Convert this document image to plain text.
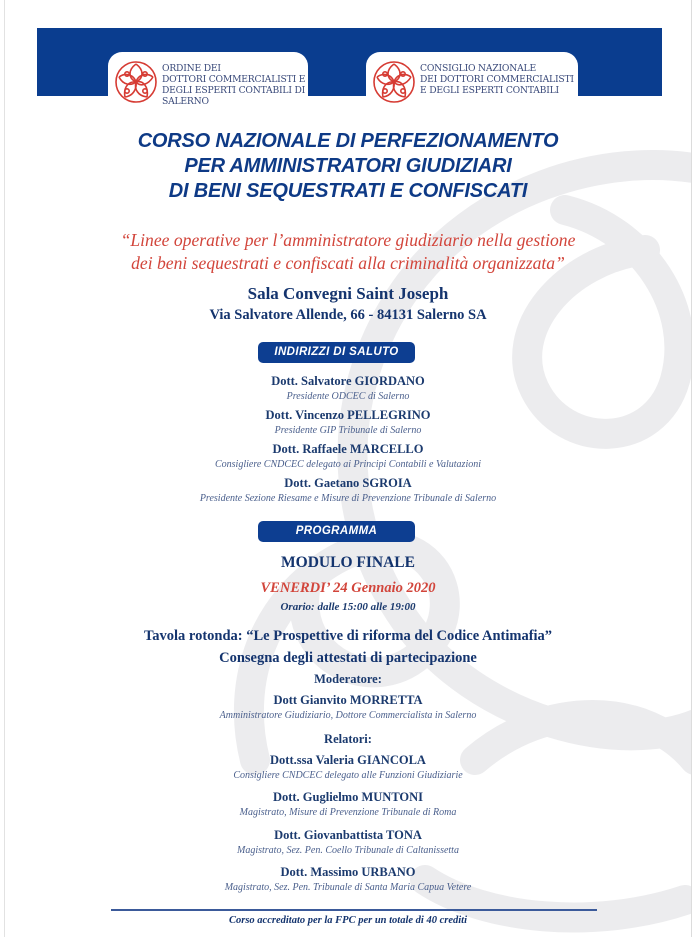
ORDINE DEI
DOTTORI COMMERCIALISTI E
DEGLI ESPERTI CONTABILI DI
SALERNO
CONSIGLIO NAZIONALE
DEI DOTTORI COMMERCIALISTI
E DEGLI ESPERTI CONTABILI
CORSO NAZIONALE DI PERFEZIONAMENTO
PER AMMINISTRATORI GIUDIZIARI
DI BENI SEQUESTRATI E CONFISCATI
“Linee operative per l’amministratore giudiziario nella gestione
dei beni sequestrati e confiscati alla criminalità organizzata”
Sala Convegni Saint Joseph
Via Salvatore Allende, 66 - 84131 Salerno SA
INDIRIZZI DI SALUTO
Dott. Salvatore GIORDANO
Presidente ODCEC di Salerno
Dott. Vincenzo PELLEGRINO
Presidente GIP Tribunale di Salerno
Dott. Raffaele MARCELLO
Consigliere CNDCEC delegato ai Principi Contabili e Valutazioni
Dott. Gaetano SGROIA
Presidente Sezione Riesame e Misure di Prevenzione Tribunale di Salerno
PROGRAMMA
MODULO FINALE
VENERDI’ 24 Gennaio 2020
Orario: dalle 15:00 alle 19:00
Tavola rotonda: “Le Prospettive di riforma del Codice Antimafia”
Consegna degli attestati di partecipazione
Moderatore:
Dott Gianvito MORRETTA
Amministratore Giudiziario, Dottore Commercialista in Salerno
Relatori:
Dott.ssa Valeria GIANCOLA
Consigliere CNDCEC delegato alle Funzioni Giudiziarie
Dott. Guglielmo MUNTONI
Magistrato, Misure di Prevenzione Tribunale di Roma
Dott. Giovanbattista TONA
Magistrato, Sez. Pen. Coello Tribunale di Caltanissetta
Dott. Massimo URBANO
Magistrato, Sez. Pen. Tribunale di Santa Maria Capua Vetere
Corso accreditato per la FPC per un totale di 40 crediti
